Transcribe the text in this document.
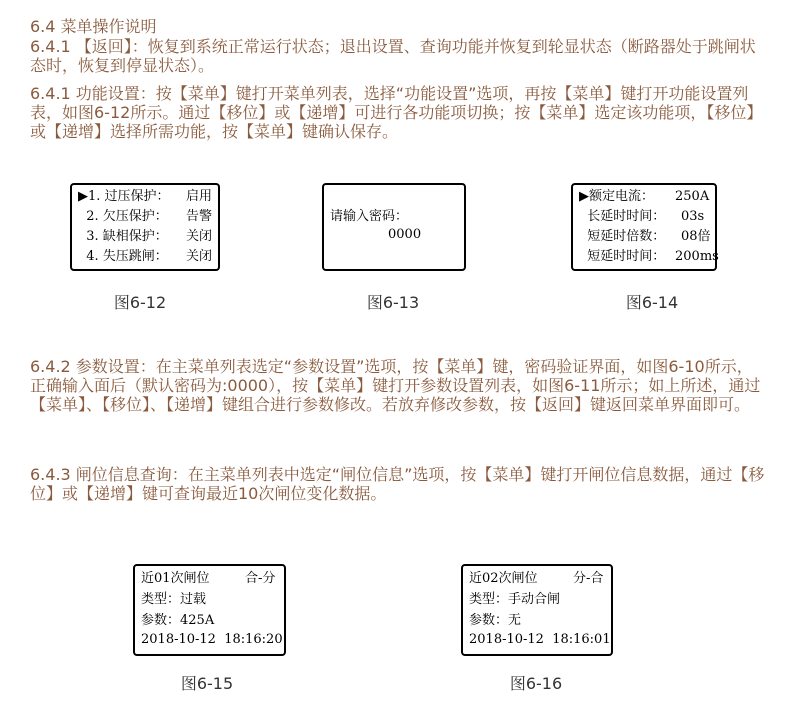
6.4 菜单操作说明

6.4.1 【返回】：恢复到系统正常运行状态；退出设置、查询功能并恢复到轮显状态（断路器处于跳闸状态时，恢复到停显状态）。

6.4.1 功能设置：按【菜单】键打开菜单列表，选择“功能设置”选项，再按【菜单】键打开功能设置列表，如图6-12所示。通过【移位】或【递增】可进行各功能项切换；按【菜单】选定该功能项，【移位】或【递增】选择所需功能，按【菜单】键确认保存。

▶1. 过压保护： 启用
2. 欠压保护： 告警
3. 缺相保护： 关闭
4. 失压跳闸： 关闭
图6-12
请输入密码：
0000
图6-13
▶额定电流： 250A
长延时时间： 03s
短延时倍数： 08倍
短延时时间： 200ms
图6-14

6.4.2 参数设置：在主菜单列表选定“参数设置”选项，按【菜单】键，密码验证界面，如图6-10所示，正确输入面后（默认密码为:0000），按【菜单】键打开参数设置列表，如图6-11所示；如上所述，通过【菜单】、【移位】、【递增】键组合进行参数修改。若放弃修改参数，按【返回】键返回菜单界面即可。

6.4.3 闸位信息查询：在主菜单列表中选定“闸位信息”选项，按【菜单】键打开闸位信息数据，通过【移位】或【递增】键可查询最近10次闸位变化数据。

近01次闸位	合-分
类型：过载
参数：425A
2018-10-12  18:16:20
图6-15
近02次闸位	分-合
类型：手动合闸
参数：无
2018-10-12  18:16:01
图6-16
